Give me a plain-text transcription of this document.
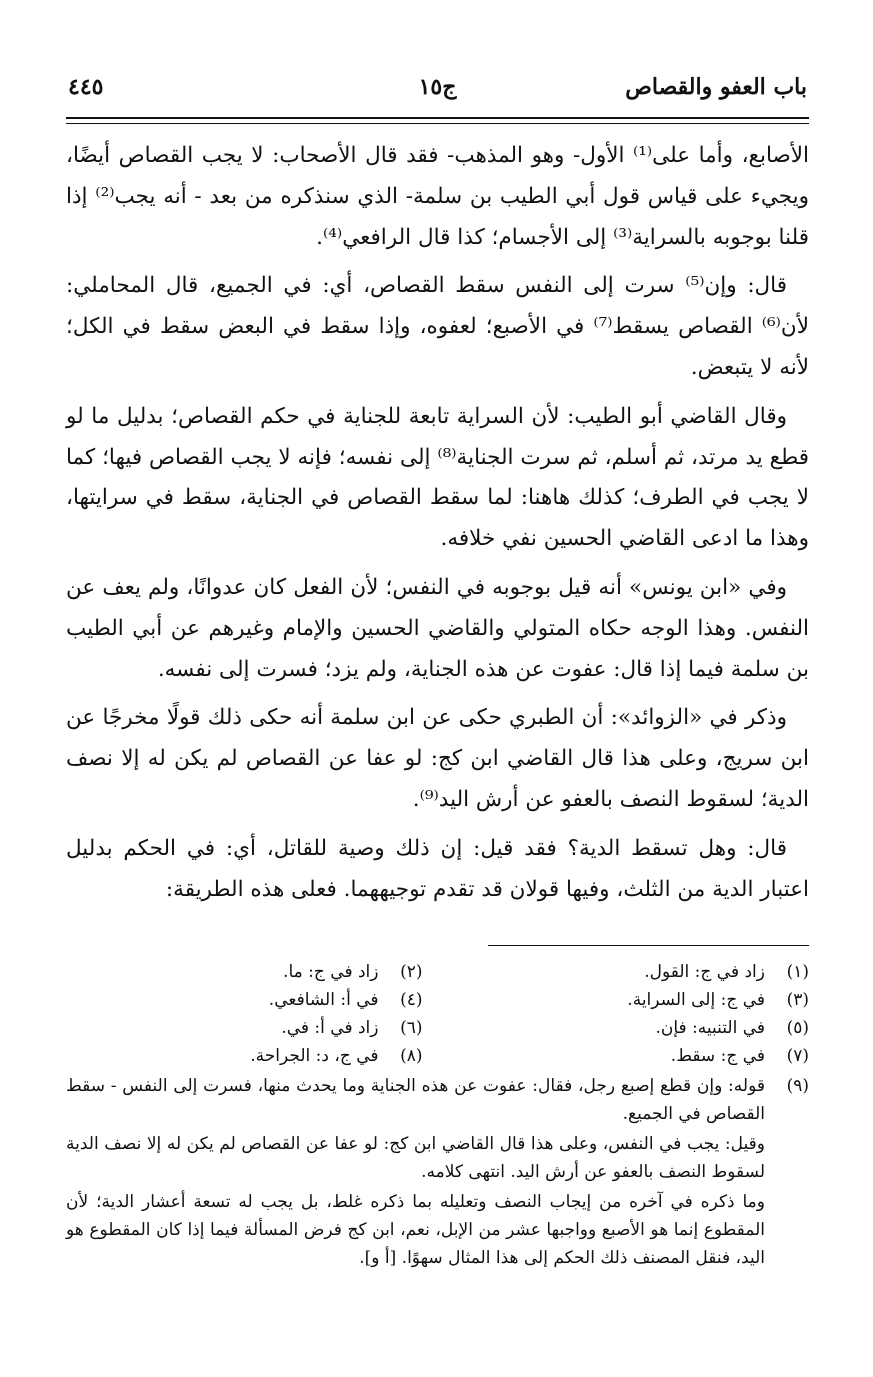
باب العفو والقصاص
ج١٥
٤٤٥

الأصابع، وأما على⁽¹⁾ الأول- وهو المذهب- فقد قال الأصحاب: لا يجب القصاص أيضًا، ويجيء على قياس قول أبي الطيب بن سلمة- الذي سنذكره من بعد - أنه يجب⁽²⁾ إذا قلنا بوجوبه بالسراية⁽³⁾ إلى الأجسام؛ كذا قال الرافعي⁽⁴⁾.

قال: وإن⁽⁵⁾ سرت إلى النفس سقط القصاص، أي: في الجميع، قال المحاملي: لأن⁽⁶⁾ القصاص يسقط⁽⁷⁾ في الأصبع؛ لعفوه، وإذا سقط في البعض سقط في الكل؛ لأنه لا يتبعض.

وقال القاضي أبو الطيب: لأن السراية تابعة للجناية في حكم القصاص؛ بدليل ما لو قطع يد مرتد، ثم أسلم، ثم سرت الجناية⁽⁸⁾ إلى نفسه؛ فإنه لا يجب القصاص فيها؛ كما لا يجب في الطرف؛ كذلك هاهنا: لما سقط القصاص في الجناية، سقط في سرايتها، وهذا ما ادعى القاضي الحسين نفي خلافه.

وفي «ابن يونس» أنه قيل بوجوبه في النفس؛ لأن الفعل كان عدوانًا، ولم يعف عن النفس. وهذا الوجه حكاه المتولي والقاضي الحسين والإمام وغيرهم عن أبي الطيب بن سلمة فيما إذا قال: عفوت عن هذه الجناية، ولم يزد؛ فسرت إلى نفسه.

وذكر في «الزوائد»: أن الطبري حكى عن ابن سلمة أنه حكى ذلك قولًا مخرجًا عن ابن سريج، وعلى هذا قال القاضي ابن كج: لو عفا عن القصاص لم يكن له إلا نصف الدية؛ لسقوط النصف بالعفو عن أرش اليد⁽⁹⁾.

قال: وهل تسقط الدية؟ فقد قيل: إن ذلك وصية للقاتل، أي: في الحكم بدليل اعتبار الدية من الثلث، وفيها قولان قد تقدم توجيههما. فعلى هذه الطريقة:

(١)
زاد في ج: القول.
(٢)
زاد في ج: ما.
(٣)
في ج: إلى السراية.
(٤)
في أ: الشافعي.
(٥)
في التنبيه: فإن.
(٦)
زاد في أ: في.
(٧)
في ج: سقط.
(٨)
في ج، د: الجراحة.
(٩)
قوله: وإن قطع إصبع رجل، فقال: عفوت عن هذه الجناية وما يحدث منها، فسرت إلى النفس - سقط القصاص في الجميع.
وقيل: يجب في النفس، وعلى هذا قال القاضي ابن كج: لو عفا عن القصاص لم يكن له إلا نصف الدية لسقوط النصف بالعفو عن أرش اليد. انتهى كلامه.
وما ذكره في آخره من إيجاب النصف وتعليله بما ذكره غلط، بل يجب له تسعة أعشار الدية؛ لأن المقطوع إنما هو الأصبع وواجبها عشر من الإبل، نعم، ابن كج فرض المسألة فيما إذا كان المقطوع هو اليد، فنقل المصنف ذلك الحكم إلى هذا المثال سهوًا. [أ و].
